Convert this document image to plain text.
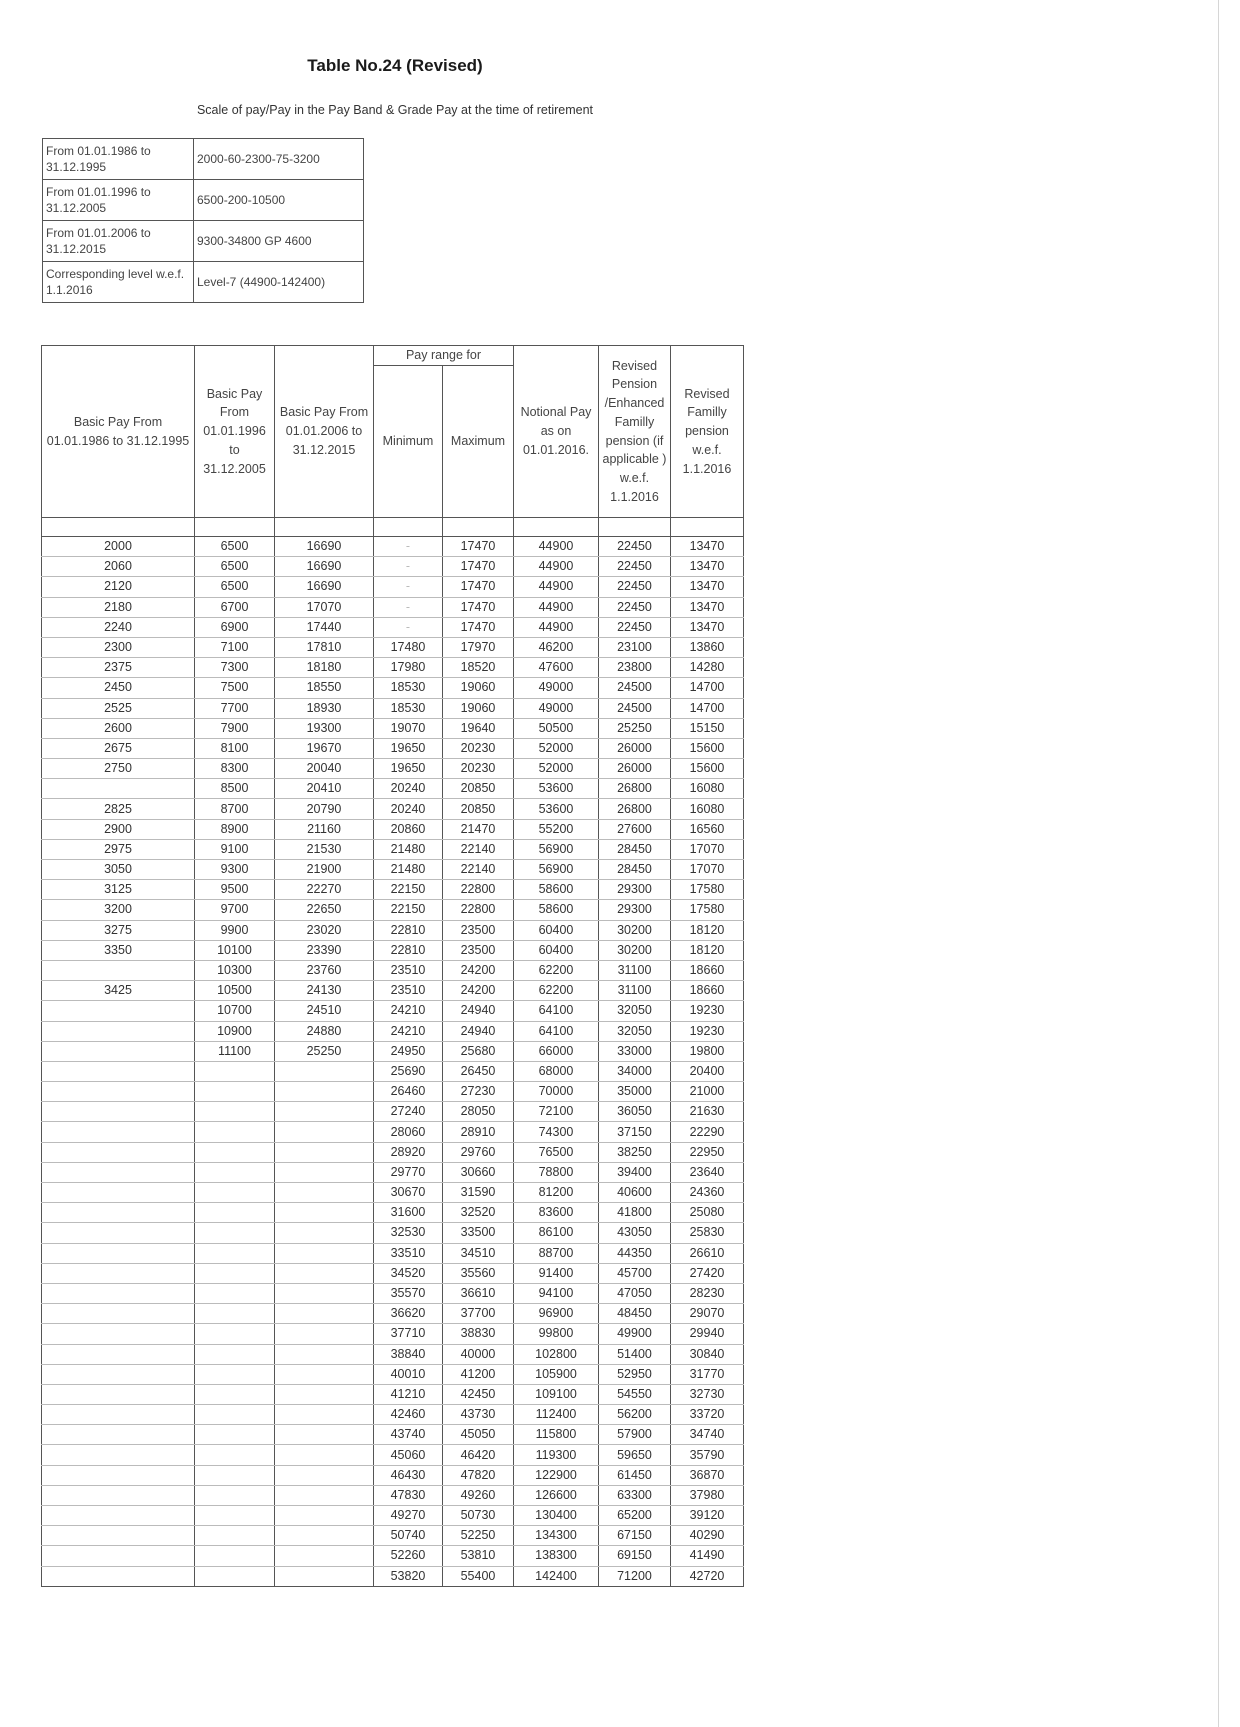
Table No.24 (Revised)
Scale of pay/Pay in the Pay Band & Grade Pay at the time of retirement
From 01.01.1986 to 31.12.1995	2000-60-2300-75-3200
From 01.01.1996 to 31.12.2005	6500-200-10500
From 01.01.2006 to 31.12.2015	9300-34800 GP 4600
Corresponding level w.e.f. 1.1.2016	Level-7 (44900-142400)
Basic Pay From 01.01.1986 to 31.12.1995	Basic Pay From 01.01.1996 to 31.12.2005	Basic Pay From 01.01.2006 to 31.12.2015	Pay range for		Notional Pay as on 01.01.2016.	Revised Pension /Enhanced Familly pension (if applicable ) w.e.f. 1.1.2016	Revised Familly pension w.e.f. 1.1.2016
			Minimum	Maximum			

2000	6500	16690	-	17470	44900	22450	13470
2060	6500	16690	-	17470	44900	22450	13470
2120	6500	16690	-	17470	44900	22450	13470
2180	6700	17070	-	17470	44900	22450	13470
2240	6900	17440	-	17470	44900	22450	13470
2300	7100	17810	17480	17970	46200	23100	13860
2375	7300	18180	17980	18520	47600	23800	14280
2450	7500	18550	18530	19060	49000	24500	14700
2525	7700	18930	18530	19060	49000	24500	14700
2600	7900	19300	19070	19640	50500	25250	15150
2675	8100	19670	19650	20230	52000	26000	15600
2750	8300	20040	19650	20230	52000	26000	15600
	8500	20410	20240	20850	53600	26800	16080
2825	8700	20790	20240	20850	53600	26800	16080
2900	8900	21160	20860	21470	55200	27600	16560
2975	9100	21530	21480	22140	56900	28450	17070
3050	9300	21900	21480	22140	56900	28450	17070
3125	9500	22270	22150	22800	58600	29300	17580
3200	9700	22650	22150	22800	58600	29300	17580
3275	9900	23020	22810	23500	60400	30200	18120
3350	10100	23390	22810	23500	60400	30200	18120
	10300	23760	23510	24200	62200	31100	18660
3425	10500	24130	23510	24200	62200	31100	18660
	10700	24510	24210	24940	64100	32050	19230
	10900	24880	24210	24940	64100	32050	19230
	11100	25250	24950	25680	66000	33000	19800
			25690	26450	68000	34000	20400
			26460	27230	70000	35000	21000
			27240	28050	72100	36050	21630
			28060	28910	74300	37150	22290
			28920	29760	76500	38250	22950
			29770	30660	78800	39400	23640
			30670	31590	81200	40600	24360
			31600	32520	83600	41800	25080
			32530	33500	86100	43050	25830
			33510	34510	88700	44350	26610
			34520	35560	91400	45700	27420
			35570	36610	94100	47050	28230
			36620	37700	96900	48450	29070
			37710	38830	99800	49900	29940
			38840	40000	102800	51400	30840
			40010	41200	105900	52950	31770
			41210	42450	109100	54550	32730
			42460	43730	112400	56200	33720
			43740	45050	115800	57900	34740
			45060	46420	119300	59650	35790
			46430	47820	122900	61450	36870
			47830	49260	126600	63300	37980
			49270	50730	130400	65200	39120
			50740	52250	134300	67150	40290
			52260	53810	138300	69150	41490
			53820	55400	142400	71200	42720
